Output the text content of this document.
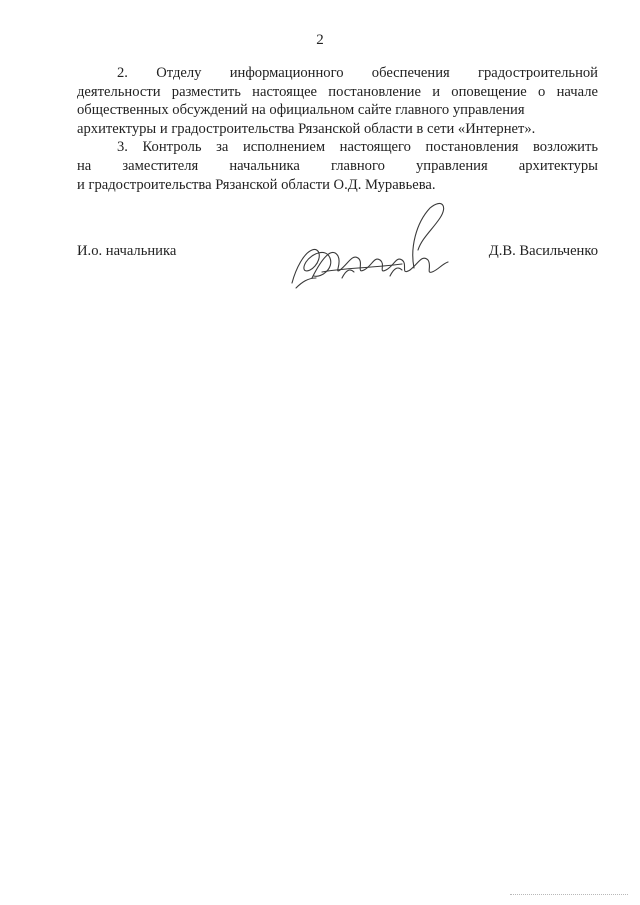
2

2. Отделу информационного обеспечения градостроительной
деятельности разместить настоящее постановление и оповещение о начале
общественных обсуждений на официальном сайте главного управления
архитектуры и градостроительства Рязанской области в сети «Интернет».

3. Контроль за исполнением настоящего постановления возложить
на заместителя начальника главного управления архитектуры
и градостроительства Рязанской области О.Д. Муравьева.

И.о. начальника	Д.В. Васильченко
